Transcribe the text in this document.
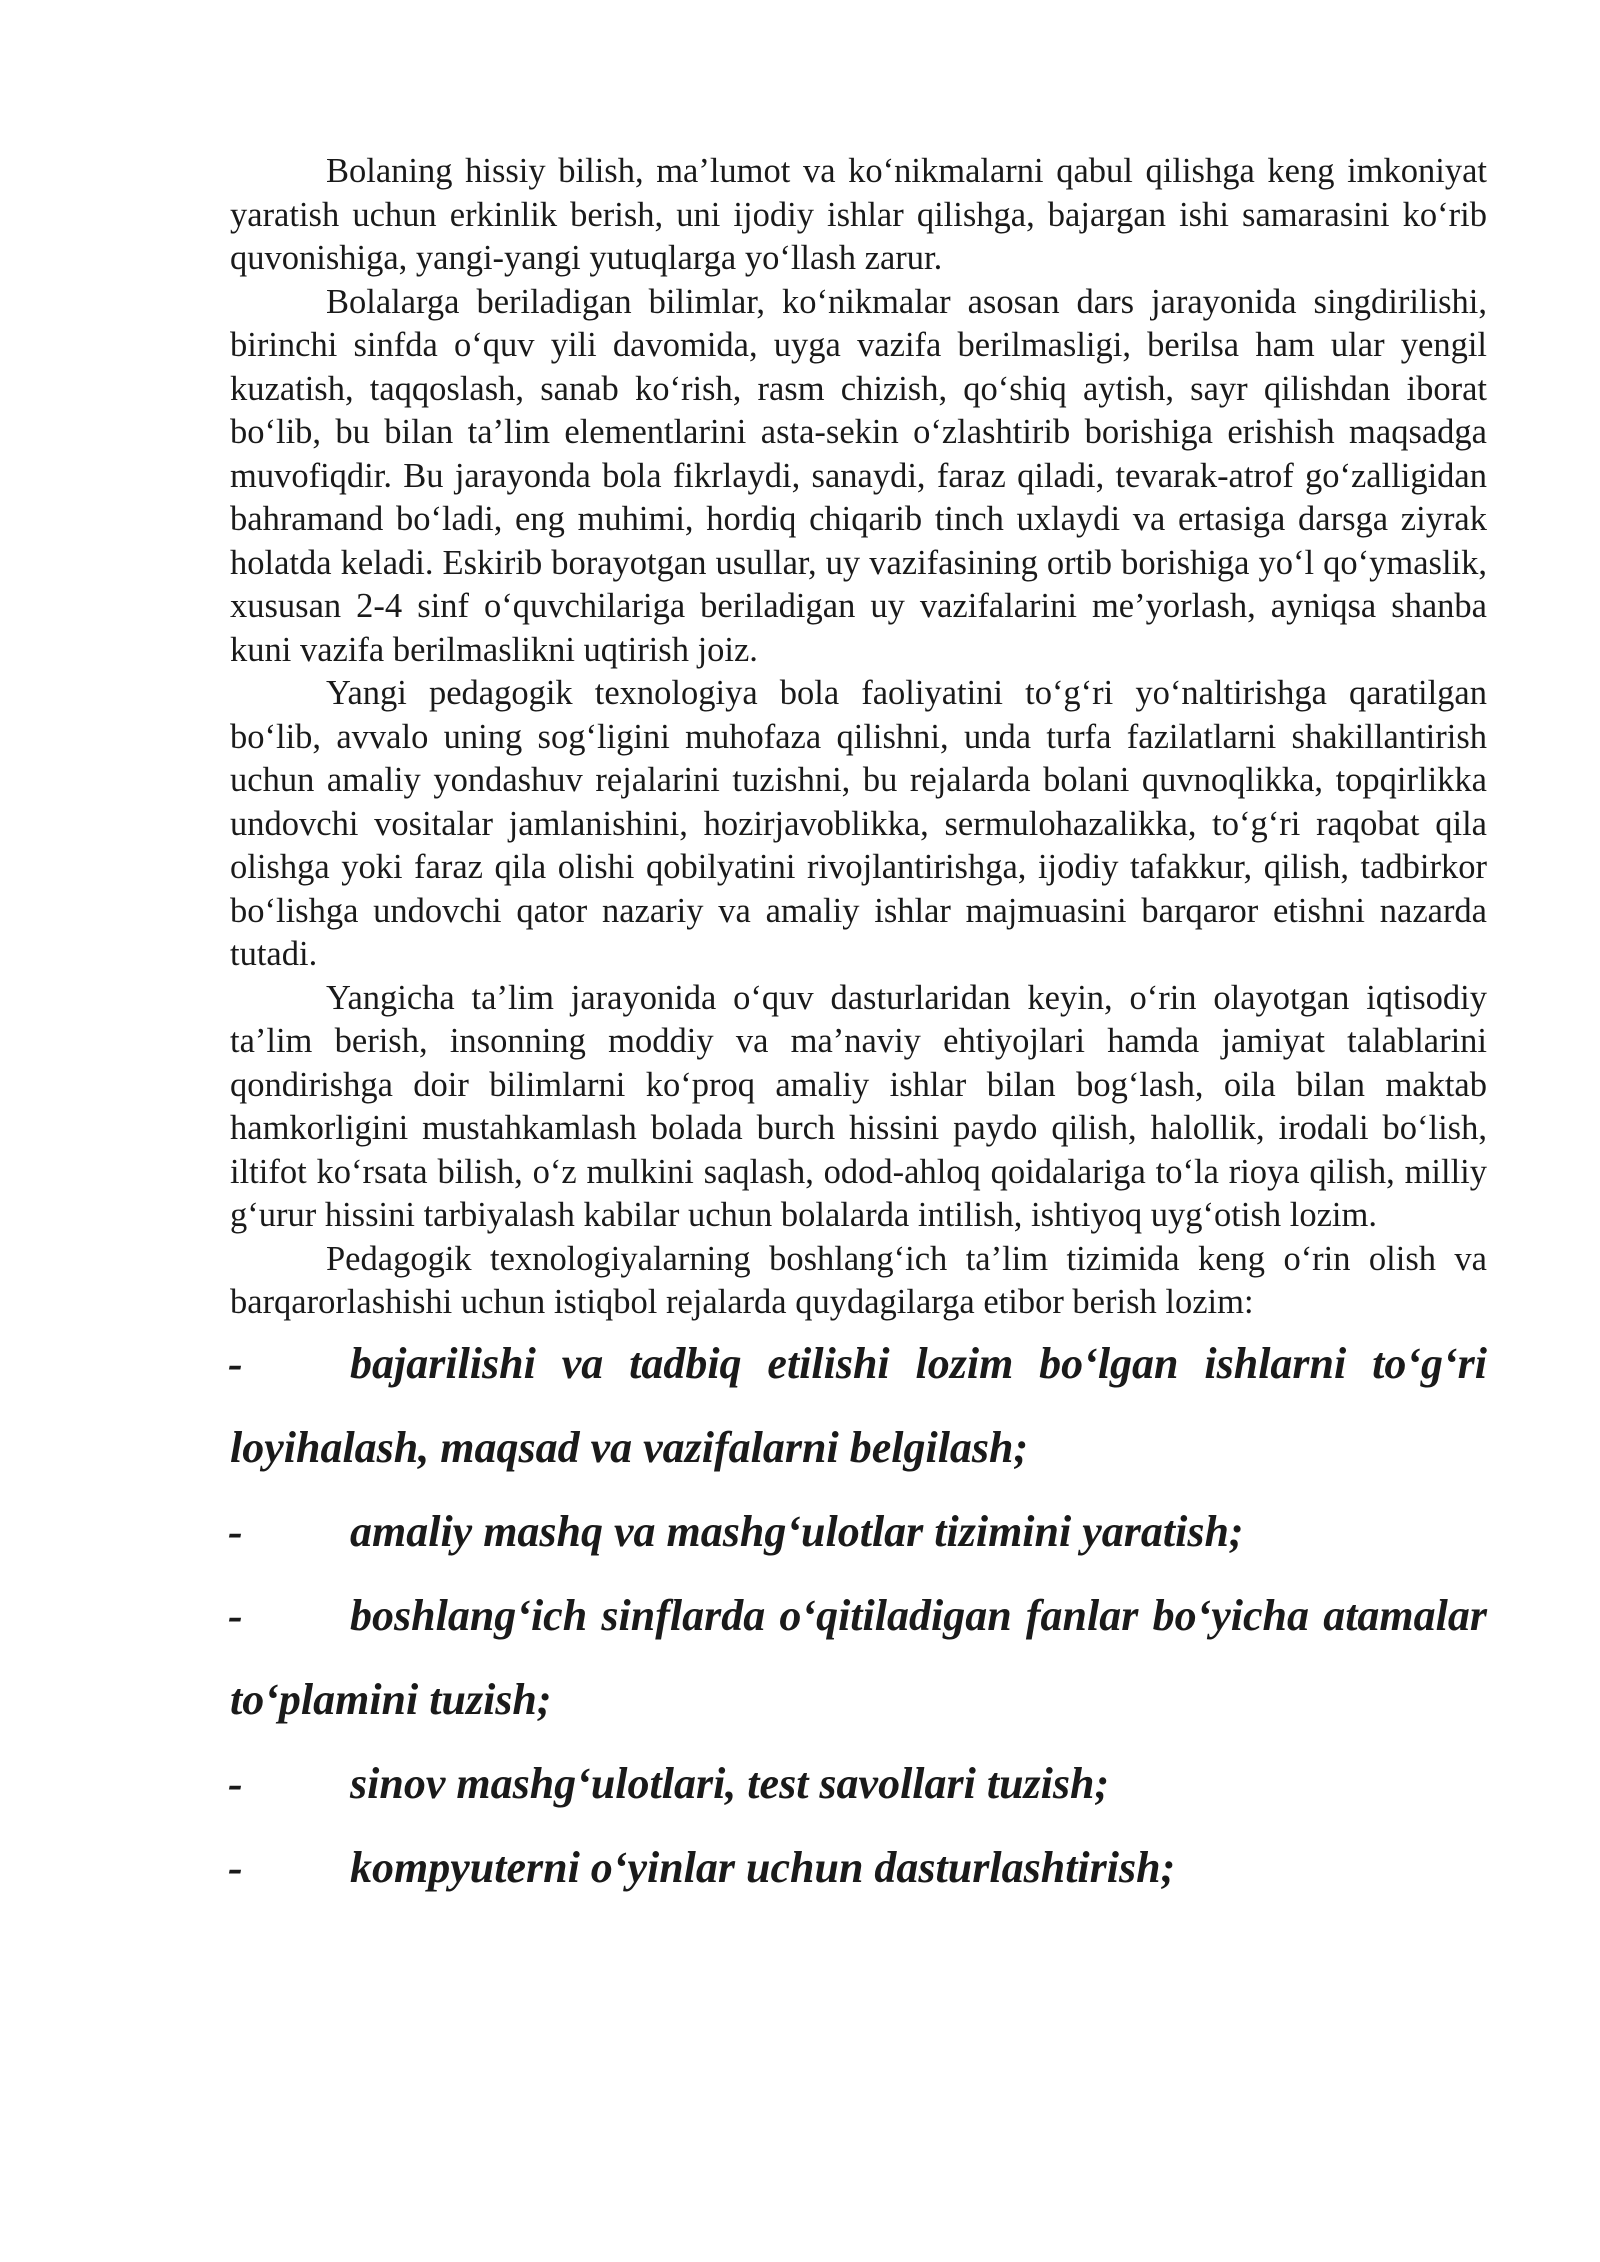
Bolaning hissiy bilish, ma’lumot va ko‘nikmalarni qabul qilishga keng imkoniyat yaratish uchun erkinlik berish, uni ijodiy ishlar qilishga, bajargan ishi samarasini ko‘rib quvonishiga, yangi-yangi yutuqlarga yo‘llash zarur.

Bolalarga beriladigan bilimlar, ko‘nikmalar asosan dars jarayonida singdirilishi, birinchi sinfda o‘quv yili davomida, uyga vazifa berilmasligi, berilsa ham ular yengil kuzatish, taqqoslash, sanab ko‘rish, rasm chizish, qo‘shiq aytish, sayr qilishdan iborat bo‘lib, bu bilan ta’lim elementlarini asta-sekin o‘zlashtirib borishiga erishish maqsadga muvofiqdir. Bu jarayonda bola fikrlaydi, sanaydi, faraz qiladi, tevarak-atrof go‘zalligidan bahramand bo‘ladi, eng muhimi, hordiq chiqarib tinch uxlaydi va ertasiga darsga ziyrak holatda keladi. Eskirib borayotgan usullar, uy vazifasining ortib borishiga yo‘l qo‘ymaslik, xususan 2-4 sinf o‘quvchilariga beriladigan uy vazifalarini me’yorlash, ayniqsa shanba kuni vazifa berilmaslikni uqtirish joiz.

Yangi pedagogik texnologiya bola faoliyatini to‘g‘ri yo‘naltirishga qaratilgan bo‘lib, avvalo uning sog‘ligini muhofaza qilishni, unda turfa fazilatlarni shakillantirish uchun amaliy yondashuv rejalarini tuzishni, bu rejalarda bolani quvnoqlikka, topqirlikka undovchi vositalar jamlanishini, hozirjavoblikka, sermulohazalikka, to‘g‘ri raqobat qila olishga yoki faraz qila olishi qobilyatini rivojlantirishga, ijodiy tafakkur, qilish, tadbirkor bo‘lishga undovchi qator nazariy va amaliy ishlar majmuasini barqaror etishni nazarda tutadi.

Yangicha ta’lim jarayonida o‘quv dasturlaridan keyin, o‘rin olayotgan iqtisodiy ta’lim berish, insonning moddiy va ma’naviy ehtiyojlari hamda jamiyat talablarini qondirishga doir bilimlarni ko‘proq amaliy ishlar bilan bog‘lash, oila bilan maktab hamkorligini mustahkamlash bolada burch hissini paydo qilish, halollik, irodali bo‘lish, iltifot ko‘rsata bilish, o‘z mulkini saqlash, odod-ahloq qoidalariga to‘la rioya qilish, milliy g‘urur hissini tarbiyalash kabilar uchun bolalarda intilish, ishtiyoq uyg‘otish lozim.

Pedagogik texnologiyalarning boshlang‘ich ta’lim tizimida keng o‘rin olish va barqarorlashishi uchun istiqbol rejalarda quydagilarga etibor berish lozim:

- bajarilishi va tadbiq etilishi lozim bo‘lgan ishlarni to‘g‘ri loyihalash, maqsad va vazifalarni belgilash;
- amaliy mashq va mashg‘ulotlar tizimini yaratish;
- boshlang‘ich sinflarda o‘qitiladigan fanlar bo‘yicha atamalar to‘plamini tuzish;
- sinov mashg‘ulotlari, test savollari tuzish;
- kompyuterni o‘yinlar uchun dasturlashtirish;
